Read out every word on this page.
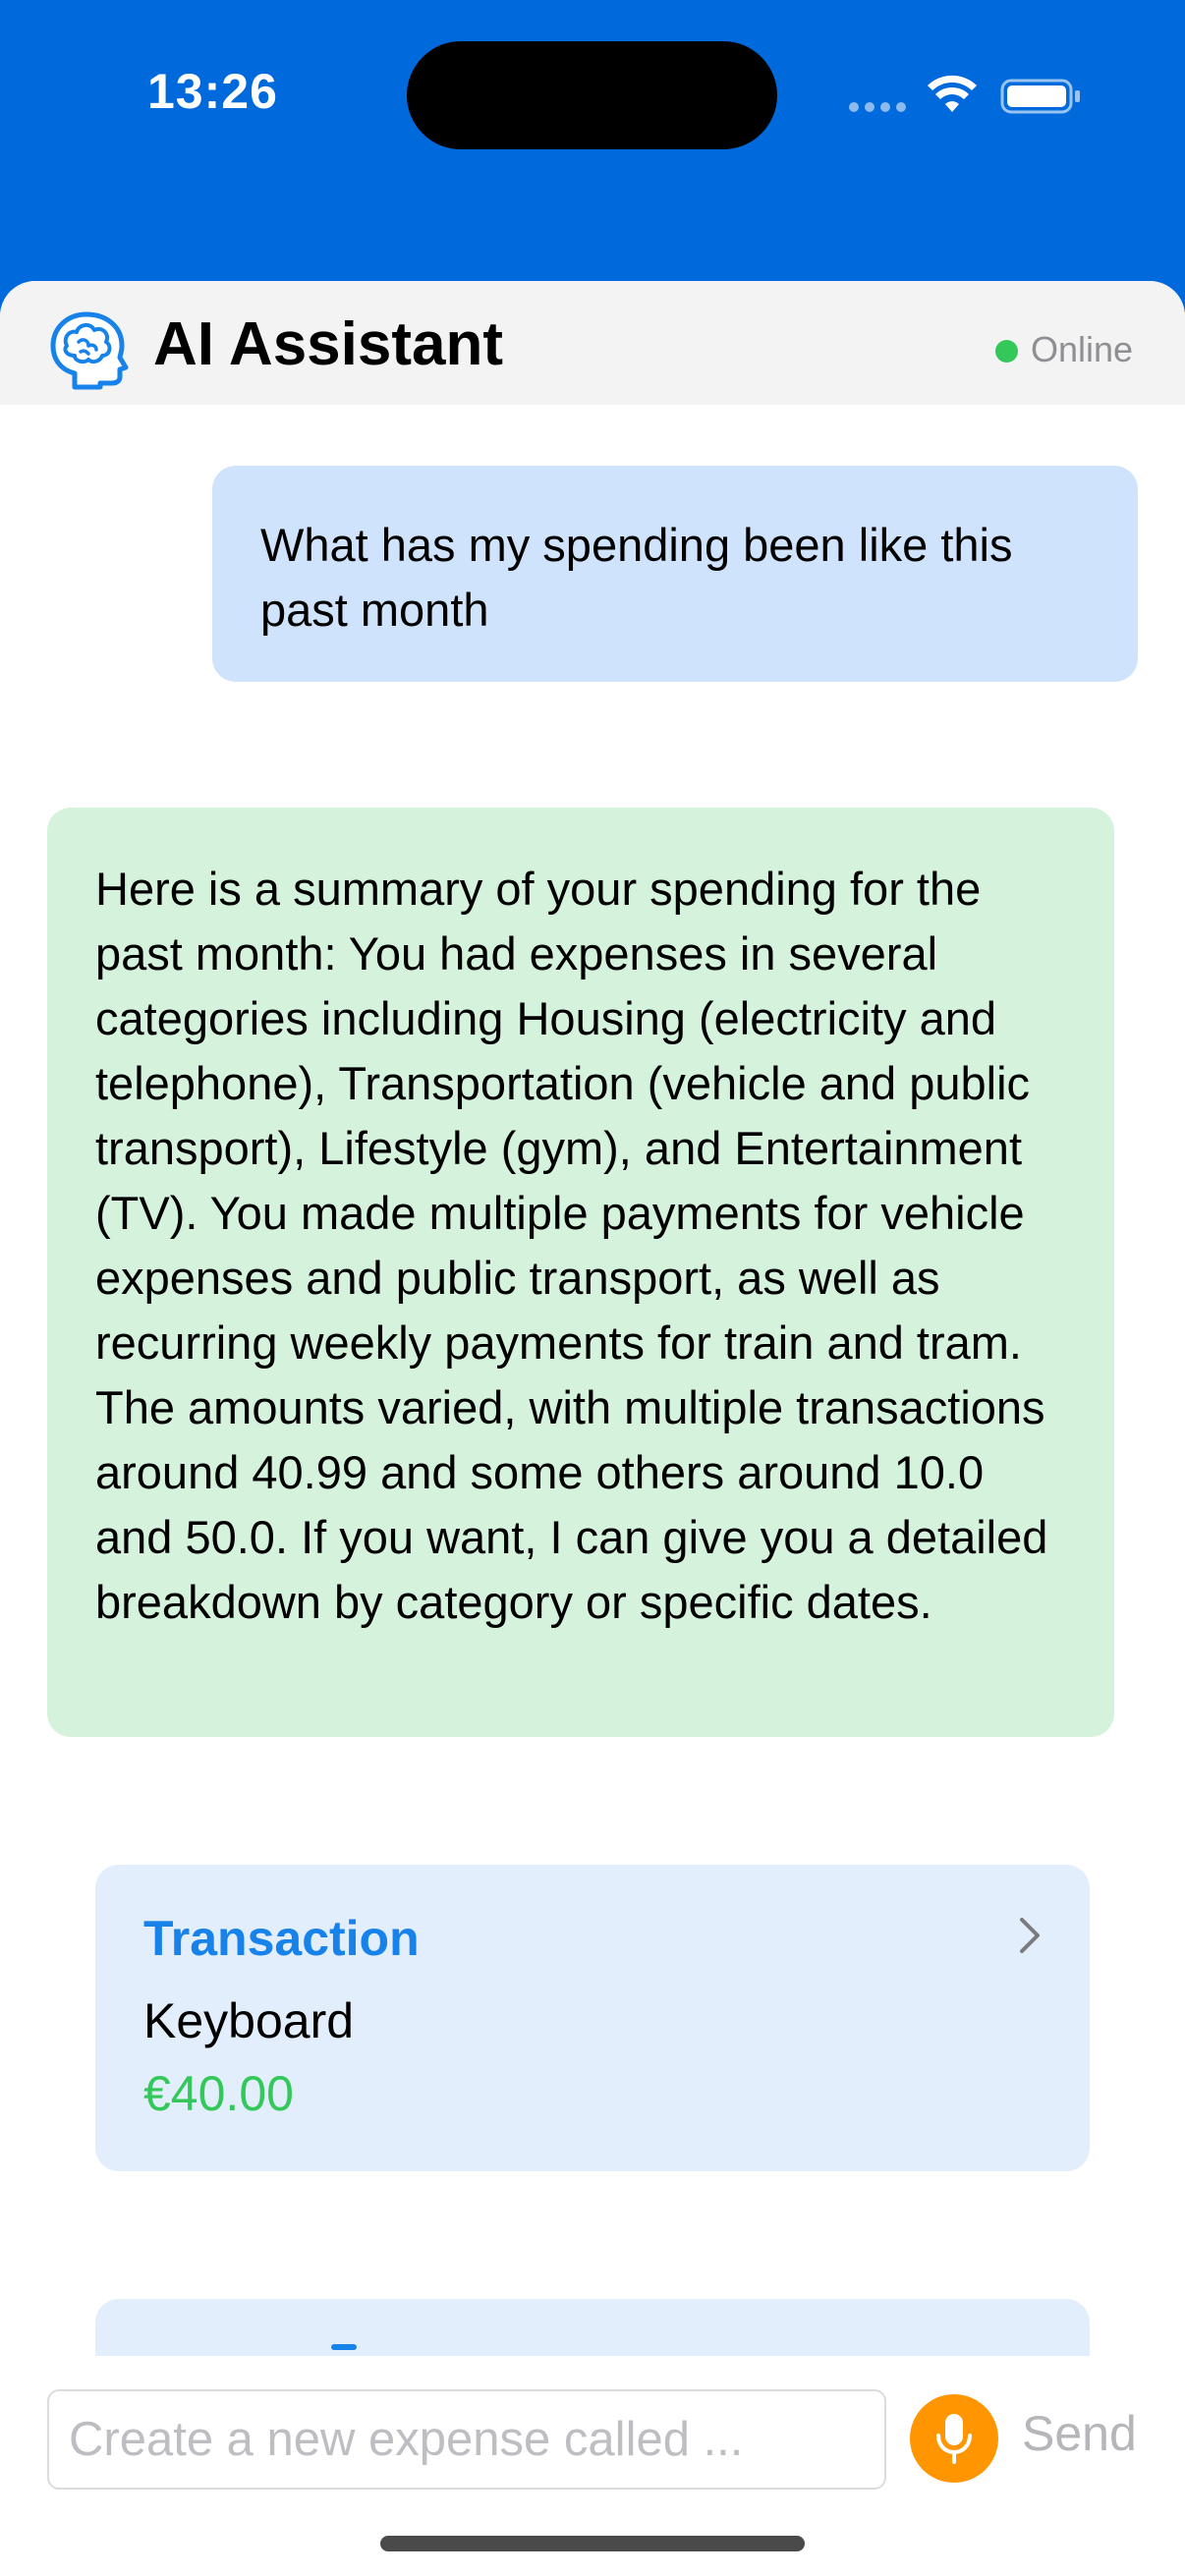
13:26
AI Assistant	Online
What has my spending been like this past month
Here is a summary of your spending for the past month: You had expenses in several categories including Housing (electricity and telephone), Transportation (vehicle and public transport), Lifestyle (gym), and Entertainment (TV). You made multiple payments for vehicle expenses and public transport, as well as recurring weekly payments for train and tram. The amounts varied, with multiple transactions around 40.99 and some others around 10.0 and 50.0. If you want, I can give you a detailed breakdown by category or specific dates.
Transaction
Keyboard
€40.00
Create a new expense called ...
Send
